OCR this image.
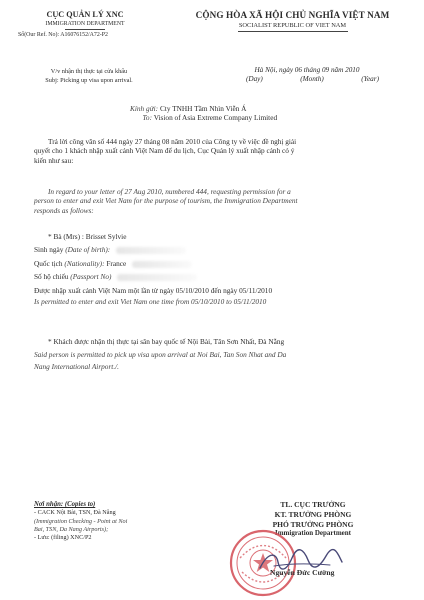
CỤC QUẢN LÝ XNC
IMMIGRATION DEPARTMENT
Số(Our Ref. No): A16076152/A72-P2
CỘNG HÒA XÃ HỘI CHỦ NGHĨA VIỆT NAM
SOCIALIST REPUBLIC OF VIET NAM
V/v nhận thị thực tại cửa khẩu
Subj: Picking up visa upon arrival.
Hà Nội, ngày 06 tháng 09 năm 2010
(Day)	(Month)	(Year)
Kính gửi: Cty TNHH Tầm Nhìn Viễn Á
To: Vision of Asia Extreme Company Limited
Trả lời công văn số 444 ngày 27 tháng 08 năm 2010 của Công ty về việc đề nghị giải
quyết cho 1 khách nhập xuất cảnh Việt Nam để du lịch, Cục Quản lý xuất nhập cảnh có ý
kiến như sau:
In regard to your letter of 27 Aug 2010, numbered 444, requesting permission for a
person to enter and exit Viet Nam for the purpose of tourism, the Immigration Department
responds as follows:
* Bà (Mrs) : Brisset Sylvie
Sinh ngày (Date of birth):
Quốc tịch (Nationality): France
Số hộ chiếu (Passport No)
Được nhập xuất cảnh Việt Nam một lần từ ngày 05/10/2010 đến ngày 05/11/2010
Is permitted to enter and exit Viet Nam one time from 05/10/2010 to 05/11/2010
* Khách được nhận thị thực tại sân bay quốc tế Nội Bài, Tân Sơn Nhất, Đà Nẵng
Said person is permitted to pick up visa upon arrival at Noi Bai, Tan Son Nhat and Da
Nang International Airport./.
Nơi nhận: (Copies to)
- CACK Nội Bài, TSN, Đà Nẵng
(Immigration Checking - Point at Noi
Bai, TSN, Da Nang Airports);
- Lưu: (filing) XNC/P2
TL. CỤC TRƯỞNG
KT. TRƯỞNG PHÒNG
PHÓ TRƯỞNG PHÒNG
Immigration Department
Nguyễn Đức Cường
